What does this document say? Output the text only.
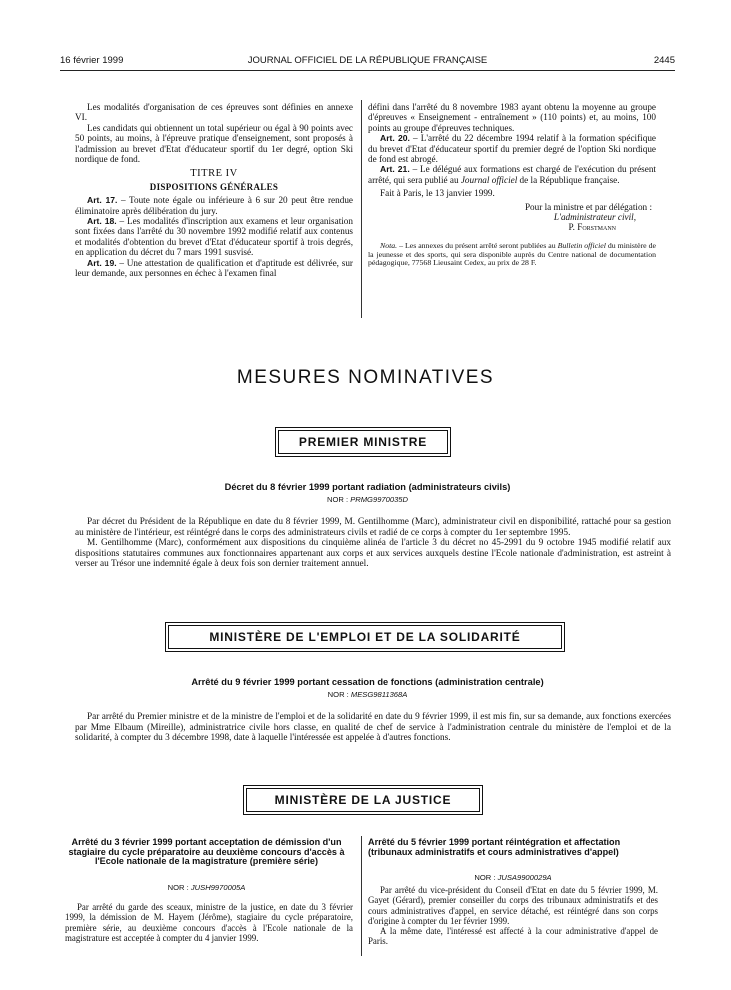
16 février 1999	JOURNAL OFFICIEL DE LA RÉPUBLIQUE FRANÇAISE	2445

Les modalités d'organisation de ces épreuves sont définies en annexe VI.

Les candidats qui obtiennent un total supérieur ou égal à 90 points avec 50 points, au moins, à l'épreuve pratique d'enseignement, sont proposés à l'admission au brevet d'Etat d'éducateur sportif du 1er degré, option Ski nordique de fond.

TITRE IV

DISPOSITIONS GÉNÉRALES

Art. 17. – Toute note égale ou inférieure à 6 sur 20 peut être rendue éliminatoire après délibération du jury.

Art. 18. – Les modalités d'inscription aux examens et leur organisation sont fixées dans l'arrêté du 30 novembre 1992 modifié relatif aux contenus et modalités d'obtention du brevet d'Etat d'éducateur sportif à trois degrés, en application du décret du 7 mars 1991 susvisé.

Art. 19. – Une attestation de qualification et d'aptitude est délivrée, sur leur demande, aux personnes en échec à l'examen final

défini dans l'arrêté du 8 novembre 1983 ayant obtenu la moyenne au groupe d'épreuves « Enseignement - entraînement » (110 points) et, au moins, 100 points au groupe d'épreuves techniques.

Art. 20. – L'arrêté du 22 décembre 1994 relatif à la formation spécifique du brevet d'Etat d'éducateur sportif du premier degré de l'option Ski nordique de fond est abrogé.

Art. 21. – Le délégué aux formations est chargé de l'exécution du présent arrêté, qui sera publié au Journal officiel de la République française.

Fait à Paris, le 13 janvier 1999.

Pour la ministre et par délégation :

L'administrateur civil,

P. Forstmann

Nota. – Les annexes du présent arrêté seront publiées au Bulletin officiel du ministère de la jeunesse et des sports, qui sera disponible auprès du Centre national de documentation pédagogique, 77568 Lieusaint Cedex, au prix de 28 F.

MESURES NOMINATIVES
PREMIER MINISTRE
Décret du 8 février 1999 portant radiation (administrateurs civils)
NOR : PRMG9970035D

Par décret du Président de la République en date du 8 février 1999, M. Gentilhomme (Marc), administrateur civil en disponibilité, rattaché pour sa gestion au ministère de l'intérieur, est réintégré dans le corps des administrateurs civils et radié de ce corps à compter du 1er septembre 1995.

M. Gentilhomme (Marc), conformément aux dispositions du cinquième alinéa de l'article 3 du décret no 45-2991 du 9 octobre 1945 modifié relatif aux dispositions statutaires communes aux fonctionnaires appartenant aux corps et aux services auxquels destine l'Ecole nationale d'administration, est astreint à verser au Trésor une indemnité égale à deux fois son dernier traitement annuel.

MINISTÈRE DE L'EMPLOI ET DE LA SOLIDARITÉ
Arrêté du 9 février 1999 portant cessation de fonctions (administration centrale)
NOR : MESG9811368A

Par arrêté du Premier ministre et de la ministre de l'emploi et de la solidarité en date du 9 février 1999, il est mis fin, sur sa demande, aux fonctions exercées par Mme Elbaum (Mireille), administratrice civile hors classe, en qualité de chef de service à l'administration centrale du ministère de l'emploi et de la solidarité, à compter du 3 décembre 1998, date à laquelle l'intéressée est appelée à d'autres fonctions.

MINISTÈRE DE LA JUSTICE
Arrêté du 3 février 1999 portant acceptation de démission d'un stagiaire du cycle préparatoire au deuxième concours d'accès à l'Ecole nationale de la magistrature (première série)
NOR : JUSH9970005A

Par arrêté du garde des sceaux, ministre de la justice, en date du 3 février 1999, la démission de M. Hayem (Jérôme), stagiaire du cycle préparatoire, première série, au deuxième concours d'accès à l'Ecole nationale de la magistrature est acceptée à compter du 4 janvier 1999.

Arrêté du 5 février 1999 portant réintégration et affectation (tribunaux administratifs et cours administratives d'appel)
NOR : JUSA9900029A

Par arrêté du vice-président du Conseil d'Etat en date du 5 février 1999, M. Gayet (Gérard), premier conseiller du corps des tribunaux administratifs et des cours administratives d'appel, en service détaché, est réintégré dans son corps d'origine à compter du 1er février 1999.

A la même date, l'intéressé est affecté à la cour administrative d'appel de Paris.
